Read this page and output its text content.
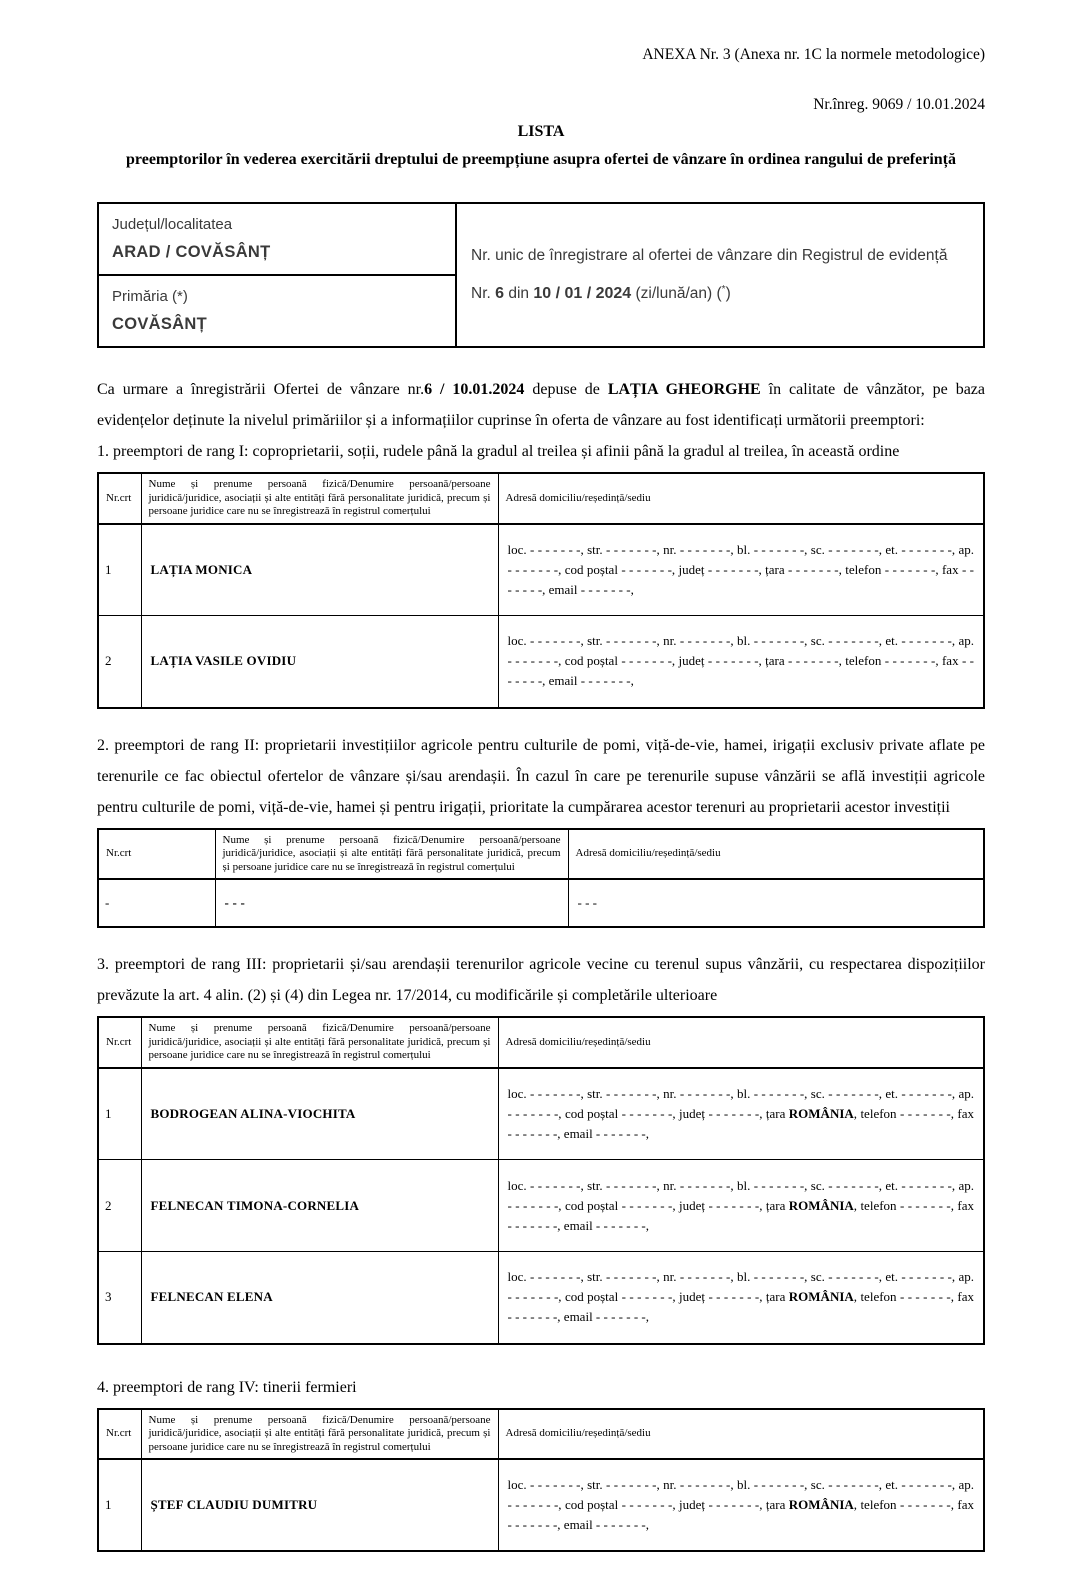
ANEXA Nr. 3 (Anexa nr. 1C la normele metodologice)
Nr.înreg. 9069 / 10.01.2024
LISTA
preemptorilor în vederea exercitării dreptului de preempțiune asupra ofertei de vânzare în ordinea rangului de preferință
Județul/localitatea
ARAD / COVĂSÂNȚ	Nr. unic de înregistrare al ofertei de vânzare din Registrul de evidență
Nr. 6 din 10 / 01 / 2024 (zi/lună/an) (*)

Primăria (*)
COVĂSÂNȚ
Ca urmare a înregistrării Ofertei de vânzare nr.6 / 10.01.2024 depuse de LAȚIA GHEORGHE în calitate de vânzător, pe baza evidențelor deținute la nivelul primăriilor și a informațiilor cuprinse în oferta de vânzare au fost identificați următorii preemptori:
1. preemptori de rang I: coproprietarii, soții, rudele până la gradul al treilea și afinii până la gradul al treilea, în această ordine
Nr.crt	Nume și prenume persoană fizică/Denumire persoană/persoane juridică/juridice, asociații și alte entități fără personalitate juridică, precum și persoane juridice care nu se înregistrează în registrul comerțului	Adresă domiciliu/reședință/sediu
1	LAȚIA MONICA	loc. - - - - - - -, str. - - - - - - -, nr. - - - - - - -, bl. - - - - - - -, sc. - - - - - - -, et. - - - - - - -, ap. - - - - - - -, cod poștal - - - - - - -, județ - - - - - - -, țara - - - - - - -, telefon - - - - - - -, fax - - - - - - -, email - - - - - - -,
2	LAȚIA VASILE OVIDIU	loc. - - - - - - -, str. - - - - - - -, nr. - - - - - - -, bl. - - - - - - -, sc. - - - - - - -, et. - - - - - - -, ap. - - - - - - -, cod poștal - - - - - - -, județ - - - - - - -, țara - - - - - - -, telefon - - - - - - -, fax - - - - - - -, email - - - - - - -,
2. preemptori de rang II: proprietarii investițiilor agricole pentru culturile de pomi, viță-de-vie, hamei, irigații exclusiv private aflate pe terenurile ce fac obiectul ofertelor de vânzare și/sau arendașii. În cazul în care pe terenurile supuse vânzării se află investiții agricole pentru culturile de pomi, viță-de-vie, hamei și pentru irigații, prioritate la cumpărarea acestor terenuri au proprietarii acestor investiții
Nr.crt	Nume și prenume persoană fizică/Denumire persoană/persoane juridică/juridice, asociații și alte entități fără personalitate juridică, precum și persoane juridice care nu se înregistrează în registrul comerțului	Adresă domiciliu/reședință/sediu
-	- - -	- - -
3. preemptori de rang III: proprietarii și/sau arendașii terenurilor agricole vecine cu terenul supus vânzării, cu respectarea dispozițiilor prevăzute la art. 4 alin. (2) și (4) din Legea nr. 17/2014, cu modificările și completările ulterioare
Nr.crt	Nume și prenume persoană fizică/Denumire persoană/persoane juridică/juridice, asociații și alte entități fără personalitate juridică, precum și persoane juridice care nu se înregistrează în registrul comerțului	Adresă domiciliu/reședință/sediu
1	BODROGEAN ALINA-VIOCHITA	loc. - - - - - - -, str. - - - - - - -, nr. - - - - - - -, bl. - - - - - - -, sc. - - - - - - -, et. - - - - - - -, ap. - - - - - - -, cod poștal - - - - - - -, județ - - - - - - -, țara ROMÂNIA, telefon - - - - - - -, fax - - - - - - -, email - - - - - - -,
2	FELNECAN TIMONA-CORNELIA	loc. - - - - - - -, str. - - - - - - -, nr. - - - - - - -, bl. - - - - - - -, sc. - - - - - - -, et. - - - - - - -, ap. - - - - - - -, cod poștal - - - - - - -, județ - - - - - - -, țara ROMÂNIA, telefon - - - - - - -, fax - - - - - - -, email - - - - - - -,
3	FELNECAN ELENA	loc. - - - - - - -, str. - - - - - - -, nr. - - - - - - -, bl. - - - - - - -, sc. - - - - - - -, et. - - - - - - -, ap. - - - - - - -, cod poștal - - - - - - -, județ - - - - - - -, țara ROMÂNIA, telefon - - - - - - -, fax - - - - - - -, email - - - - - - -,
4. preemptori de rang IV: tinerii fermieri
Nr.crt	Nume și prenume persoană fizică/Denumire persoană/persoane juridică/juridice, asociații și alte entități fără personalitate juridică, precum și persoane juridice care nu se înregistrează în registrul comerțului	Adresă domiciliu/reședință/sediu
1	ȘTEF CLAUDIU DUMITRU	loc. - - - - - - -, str. - - - - - - -, nr. - - - - - - -, bl. - - - - - - -, sc. - - - - - - -, et. - - - - - - -, ap. - - - - - - -, cod poștal - - - - - - -, județ - - - - - - -, țara ROMÂNIA, telefon - - - - - - -, fax - - - - - - -, email - - - - - - -,
